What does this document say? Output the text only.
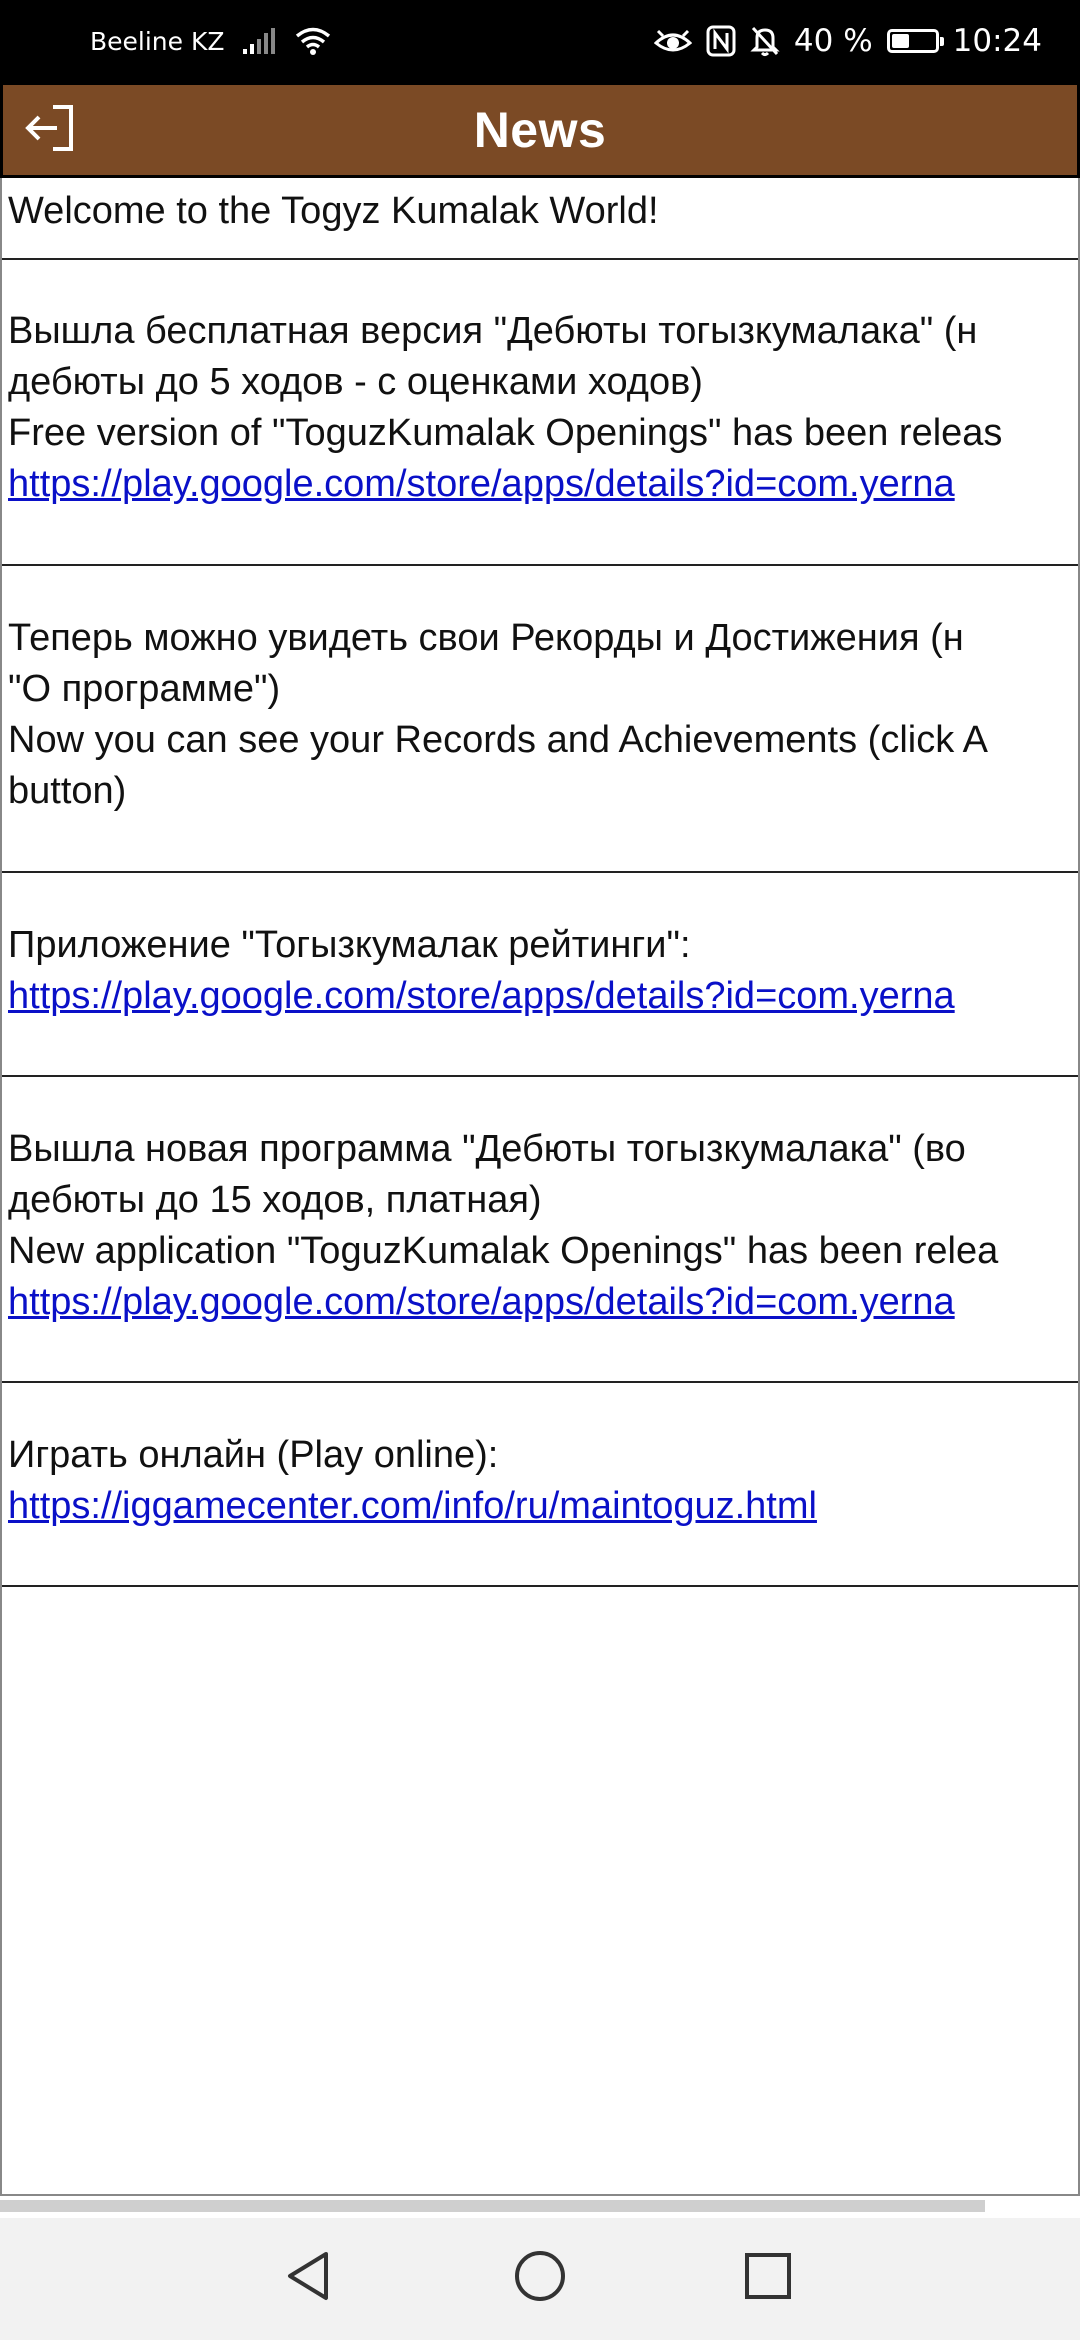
Beeline KZ	40 %	10:24
News
Welcome to the Togyz Kumalak World!
Вышла бесплатная версия "Дебюты тогызкумалака" (н
дебюты до 5 ходов - с оценками ходов)
Free version of "ToguzKumalak Openings" has been releas
https://play.google.com/store/apps/details?id=com.yerna
Теперь можно увидеть свои Рекорды и Достижения (н
"О программе")
Now you can see your Records and Achievements (click A
button)
Приложение "Тогызкумалак рейтинги":
https://play.google.com/store/apps/details?id=com.yerna
Вышла новая программа "Дебюты тогызкумалака" (во
дебюты до 15 ходов, платная)
New application "ToguzKumalak Openings" has been relea
https://play.google.com/store/apps/details?id=com.yerna
Играть онлайн (Play online):
https://iggamecenter.com/info/ru/maintoguz.html
